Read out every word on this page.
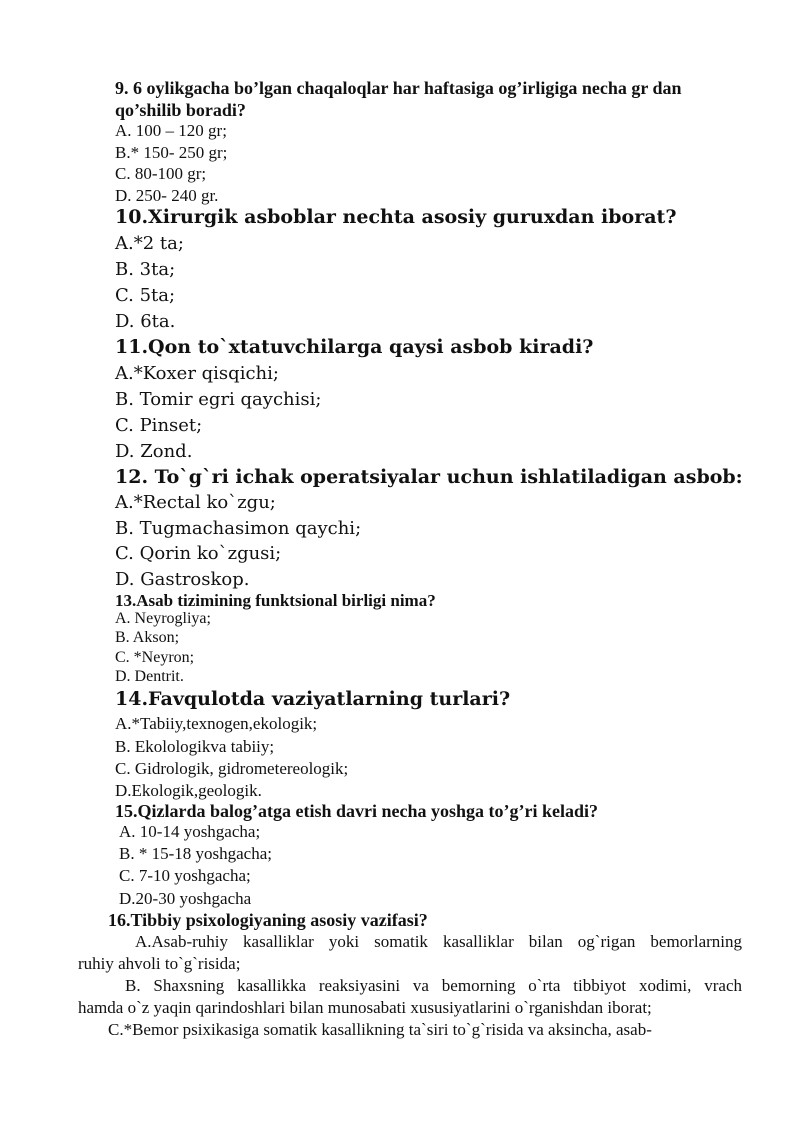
9. 6 oylikgacha bo’lgan chaqaloqlar har haftasiga og’irligiga necha gr dan

qo’shilib boradi?

A. 100 – 120 gr;

B.* 150- 250 gr;

C. 80-100 gr;

D. 250- 240 gr.

10.Xirurgik asboblar nechta asosiy guruxdan iborat?

A.*2 ta;

B. 3ta;

C. 5ta;

D. 6ta.

11.Qon to`xtatuvchilarga qaysi asbob kiradi?

A.*Koxer qisqichi;

B. Tomir egri qaychisi;

C. Pinset;

D. Zond.

12. To`g`ri ichak operatsiyalar uchun ishlatiladigan asbob:

A.*Rectal ko`zgu;

B. Tugmachasimon qaychi;

C. Qorin ko`zgusi;

D. Gastroskop.

13.Asab tizimining funktsional birligi nima?

A. Neyrogliya;

B. Akson;

C. *Neyron;

D. Dentrit.

14.Favqulotda vaziyatlarning turlari?

A.*Tabiiy,texnogen,ekologik;

B. Ekolologikva tabiiy;

C. Gidrologik, gidrometereologik;

D.Ekologik,geologik.

15.Qizlarda balog’atga etish davri necha yoshga to’g’ri keladi?

A. 10-14 yoshgacha;

B. * 15-18 yoshgacha;

C. 7-10 yoshgacha;

D.20-30 yoshgacha

16.Tibbiy psixologiyaning asosiy vazifasi?

A.Asab-ruhiy kasalliklar yoki somatik kasalliklar bilan og`rigan bemorlarning

ruhiy ahvoli to`g`risida;

B. Shaxsning kasallikka reaksiyasini va bemorning o`rta tibbiyot xodimi, vrach

hamda o`z yaqin qarindoshlari bilan munosabati xususiyatlarini o`rganishdan iborat;

C.*Bemor psixikasiga somatik kasallikning ta`siri to`g`risida va aksincha, asab-
